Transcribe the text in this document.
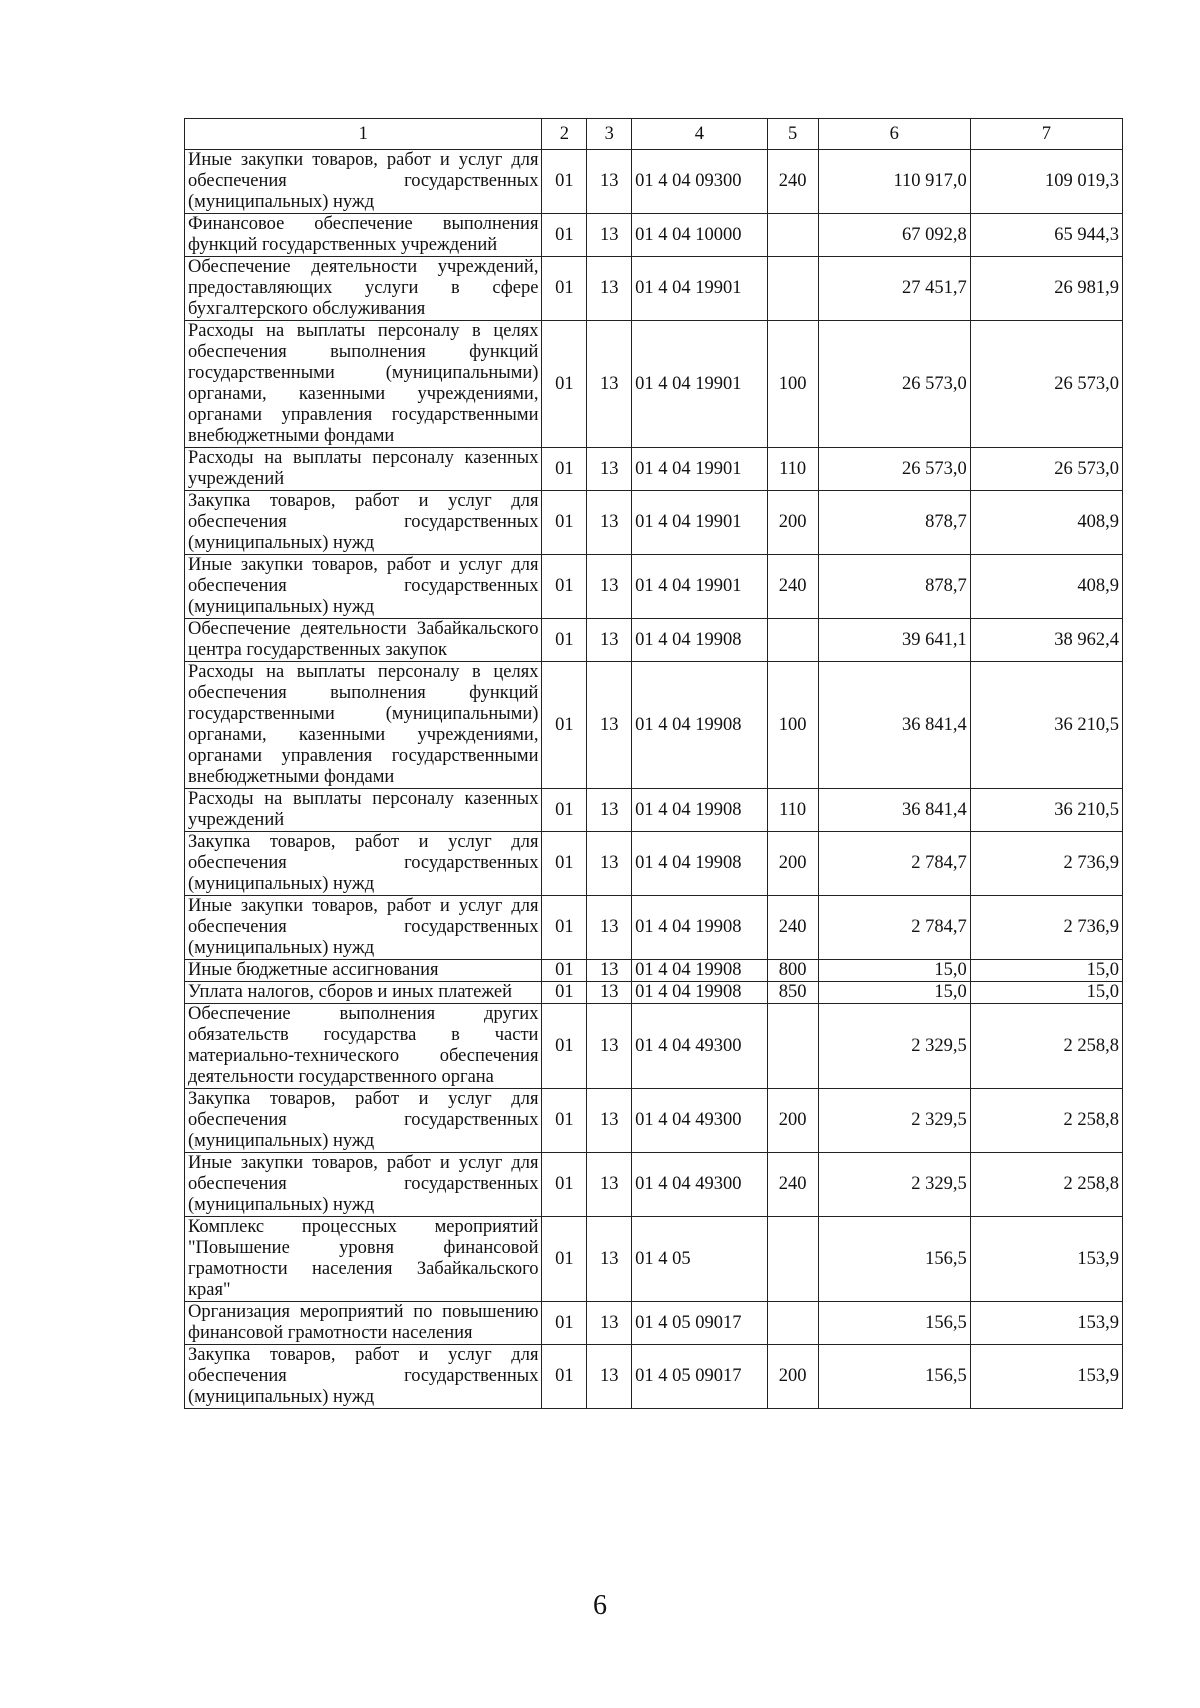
1	2	3	4	5	6	7
Иные закупки товаров, работ и услуг для обеспечения государственных (муниципальных) нужд	01	13	01 4 04 09300	240	110 917,0	109 019,3
Финансовое обеспечение выполнения функций государственных учреждений	01	13	01 4 04 10000		67 092,8	65 944,3
Обеспечение деятельности учреждений, предоставляющих услуги в сфере бухгалтерского обслуживания	01	13	01 4 04 19901		27 451,7	26 981,9
Расходы на выплаты персоналу в целях обеспечения выполнения функций государственными (муниципальными) органами, казенными учреждениями, органами управления государственными внебюджетными фондами	01	13	01 4 04 19901	100	26 573,0	26 573,0
Расходы на выплаты персоналу казенных учреждений	01	13	01 4 04 19901	110	26 573,0	26 573,0
Закупка товаров, работ и услуг для обеспечения государственных (муниципальных) нужд	01	13	01 4 04 19901	200	878,7	408,9
Иные закупки товаров, работ и услуг для обеспечения государственных (муниципальных) нужд	01	13	01 4 04 19901	240	878,7	408,9
Обеспечение деятельности Забайкальского центра государственных закупок	01	13	01 4 04 19908		39 641,1	38 962,4
Расходы на выплаты персоналу в целях обеспечения выполнения функций государственными (муниципальными) органами, казенными учреждениями, органами управления государственными внебюджетными фондами	01	13	01 4 04 19908	100	36 841,4	36 210,5
Расходы на выплаты персоналу казенных учреждений	01	13	01 4 04 19908	110	36 841,4	36 210,5
Закупка товаров, работ и услуг для обеспечения государственных (муниципальных) нужд	01	13	01 4 04 19908	200	2 784,7	2 736,9
Иные закупки товаров, работ и услуг для обеспечения государственных (муниципальных) нужд	01	13	01 4 04 19908	240	2 784,7	2 736,9
Иные бюджетные ассигнования	01	13	01 4 04 19908	800	15,0	15,0
Уплата налогов, сборов и иных платежей	01	13	01 4 04 19908	850	15,0	15,0
Обеспечение выполнения других обязательств государства в части материально-технического обеспечения деятельности государственного органа	01	13	01 4 04 49300		2 329,5	2 258,8
Закупка товаров, работ и услуг для обеспечения государственных (муниципальных) нужд	01	13	01 4 04 49300	200	2 329,5	2 258,8
Иные закупки товаров, работ и услуг для обеспечения государственных (муниципальных) нужд	01	13	01 4 04 49300	240	2 329,5	2 258,8
Комплекс процессных мероприятий "Повышение уровня финансовой грамотности населения Забайкальского края"	01	13	01 4 05		156,5	153,9
Организация мероприятий по повышению финансовой грамотности населения	01	13	01 4 05 09017		156,5	153,9
Закупка товаров, работ и услуг для обеспечения государственных (муниципальных) нужд	01	13	01 4 05 09017	200	156,5	153,9
6
